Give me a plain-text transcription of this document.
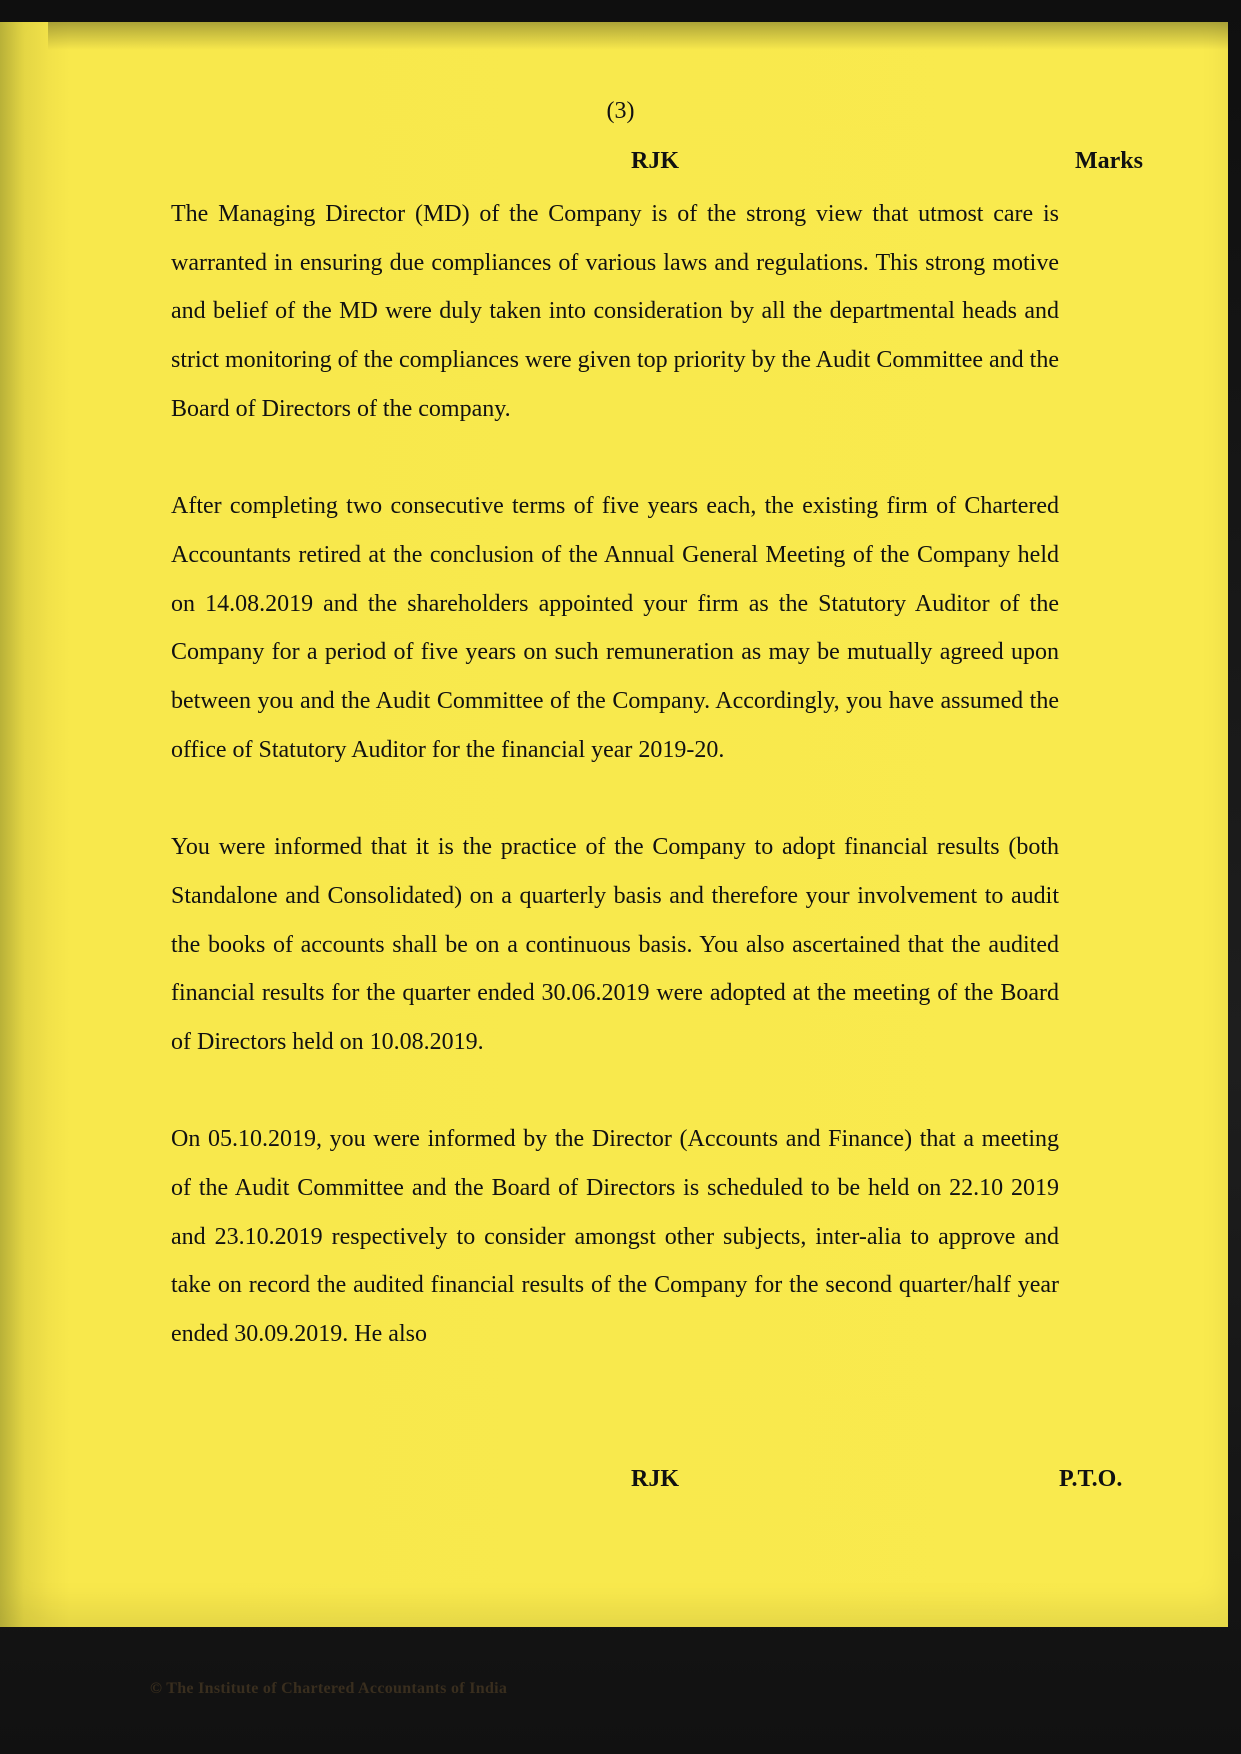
(3)
RJK	Marks

The Managing Director (MD) of the Company is of the strong view that utmost care is warranted in ensuring due compliances of various laws and regulations. This strong motive and belief of the MD were duly taken into consideration by all the departmental heads and strict monitoring of the compliances were given top priority by the Audit Committee and the Board of Directors of the company.

After completing two consecutive terms of five years each, the existing firm of Chartered Accountants retired at the conclusion of the Annual General Meeting of the Company held on 14.08.2019 and the shareholders appointed your firm as the Statutory Auditor of the Company for a period of five years on such remuneration as may be mutually agreed upon between you and the Audit Committee of the Company. Accordingly, you have assumed the office of Statutory Auditor for the financial year 2019-20.

You were informed that it is the practice of the Company to adopt financial results (both Standalone and Consolidated) on a quarterly basis and therefore your involvement to audit the books of accounts shall be on a continuous basis. You also ascertained that the audited financial results for the quarter ended 30.06.2019 were adopted at the meeting of the Board of Directors held on 10.08.2019.

On 05.10.2019, you were informed by the Director (Accounts and Finance) that a meeting of the Audit Committee and the Board of Directors is scheduled to be held on 22.10 2019 and 23.10.2019 respectively to consider amongst other subjects, inter-alia to approve and take on record the audited financial results of the Company for the second quarter/half year ended 30.09.2019. He also

RJK	P.T.O.
© The Institute of Chartered Accountants of India
